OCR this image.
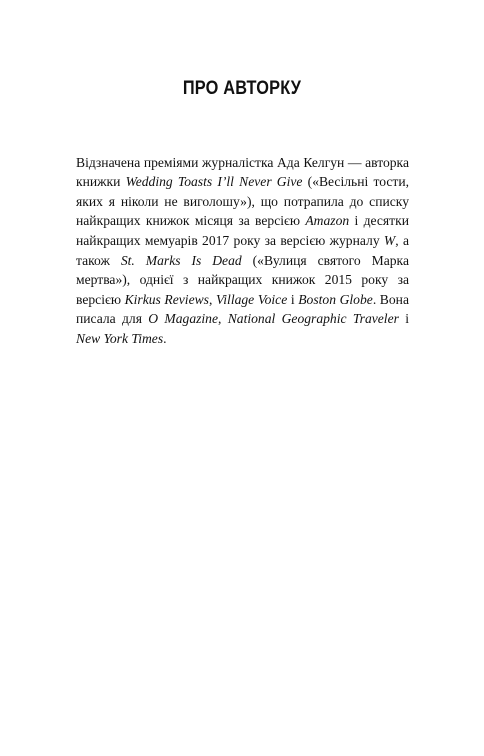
ПРО АВТОРКУ

Відзначена преміями журналістка Ада Келгун — авторка книжки Wedding Toasts I’ll Never Give («Весільні тости, яких я ніколи не виголошу»), що потрапила до списку найкращих книжок місяця за версією Amazon і десятки найкращих мемуарів 2017 року за версією журналу W, а також St. Marks Is Dead («Вулиця святого Марка мертва»), однієї з найкращих книжок 2015 року за версією Kirkus Reviews, Village Voice і Boston Globe. Вона писала для O Magazine, National Geographic Traveler і New York Times.
